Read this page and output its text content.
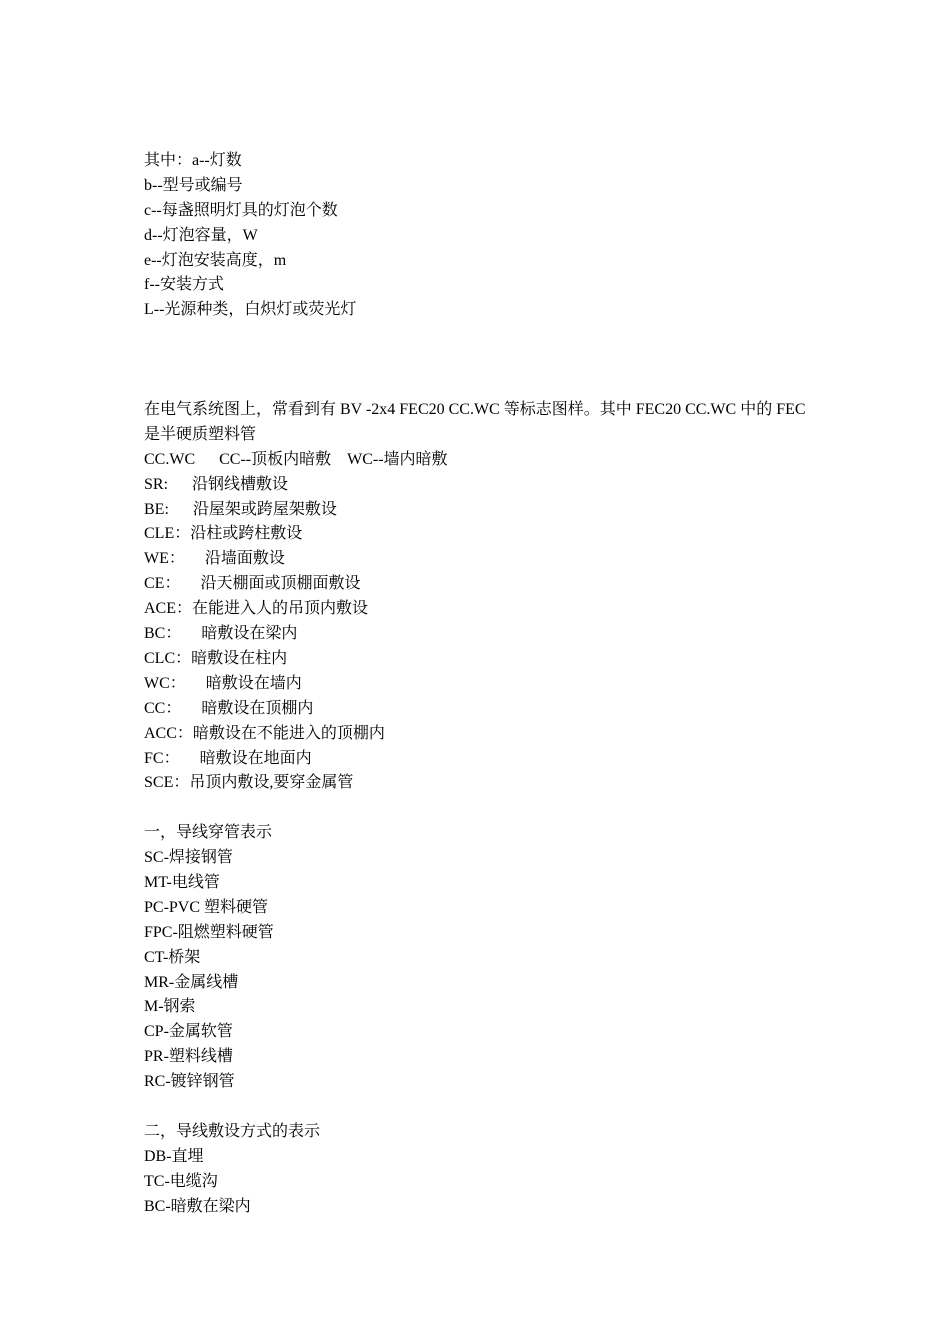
其中：a--灯数
b--型号或编号
c--每盏照明灯具的灯泡个数
d--灯泡容量，W
e--灯泡安装高度，m
f--安装方式
L--光源种类，白炽灯或荧光灯
在电气系统图上，常看到有 BV -2x4 FEC20 CC.WC 等标志图样。其中 FEC20 CC.WC 中的 FEC 是半硬质塑料管
CC.WC      CC--顶板内暗敷    WC--墙内暗敷
SR:      沿钢线槽敷设
BE:      沿屋架或跨屋架敷设
CLE：沿柱或跨柱敷设
WE：     沿墙面敷设
CE：     沿天棚面或顶棚面敷设
ACE：在能进入人的吊顶内敷设
BC：     暗敷设在梁内
CLC：暗敷设在柱内
WC：     暗敷设在墙内
CC：     暗敷设在顶棚内
ACC：暗敷设在不能进入的顶棚内
FC：     暗敷设在地面内
SCE：吊顶内敷设,要穿金属管
一，导线穿管表示
SC-焊接钢管
MT-电线管
PC-PVC 塑料硬管
FPC-阻燃塑料硬管
CT-桥架
MR-金属线槽
M-钢索
CP-金属软管
PR-塑料线槽
RC-镀锌钢管
二，导线敷设方式的表示
DB-直埋
TC-电缆沟
BC-暗敷在梁内
